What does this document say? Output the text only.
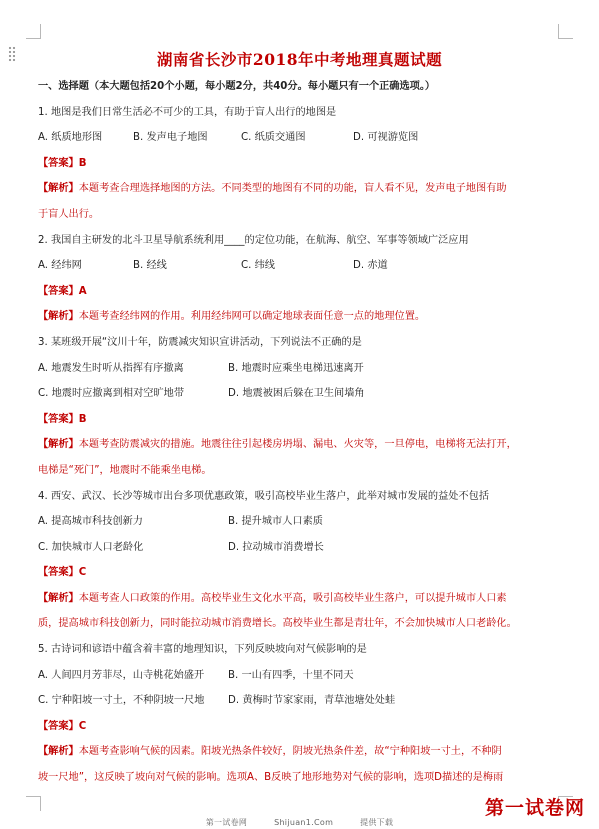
湖南省长沙市2018年中考地理真题试题
一、选择题（本大题包括20个小题，每小题2分，共40分。每小题只有一个正确选项。）
1. 地图是我们日常生活必不可少的工具，有助于盲人出行的地图是
A. 纸质地形图	B. 发声电子地图	C. 纸质交通图	D. 可视游览图
【答案】B
【解析】本题考查合理选择地图的方法。不同类型的地图有不同的功能，盲人看不见，发声电子地图有助
于盲人出行。
2. 我国自主研发的北斗卫星导航系统利用____的定位功能，在航海、航空、军事等领域广泛应用
A. 经纬网	B. 经线	C. 纬线	D. 赤道
【答案】A
【解析】本题考查经纬网的作用。利用经纬网可以确定地球表面任意一点的地理位置。
3. 某班级开展“汶川十年，防震减灾知识宣讲活动，下列说法不正确的是
A. 地震发生时听从指挥有序撤离	B. 地震时应乘坐电梯迅速离开
C. 地震时应撤离到相对空旷地带	D. 地震被困后躲在卫生间墙角
【答案】B
【解析】本题考查防震减灾的措施。地震往往引起楼房坍塌、漏电、火灾等，一旦停电，电梯将无法打开，
电梯是“死门”，地震时不能乘坐电梯。
4. 西安、武汉、长沙等城市出台多项优惠政策，吸引高校毕业生落户，此举对城市发展的益处不包括
A. 提高城市科技创新力	B. 提升城市人口素质
C. 加快城市人口老龄化	D. 拉动城市消费增长
【答案】C
【解析】本题考查人口政策的作用。高校毕业生文化水平高，吸引高校毕业生落户，可以提升城市人口素
质，提高城市科技创新力，同时能拉动城市消费增长。高校毕业生都是青壮年，不会加快城市人口老龄化。
5. 古诗词和谚语中蕴含着丰富的地理知识，下列反映坡向对气候影响的是
A. 人间四月芳菲尽，山寺桃花始盛开	B. 一山有四季，十里不同天
C. 宁种阳坡一寸土，不种阴坡一尺地	D. 黄梅时节家家雨，青草池塘处处蛙
【答案】C
【解析】本题考查影响气候的因素。阳坡光热条件较好，阴坡光热条件差，故“宁种阳坡一寸土，不种阴
坡一尺地”，这反映了坡向对气候的影响。选项A、B反映了地形地势对气候的影响，选项D描述的是梅雨
第一试卷网	Shijuan1.Com	提供下载
第一试卷网
